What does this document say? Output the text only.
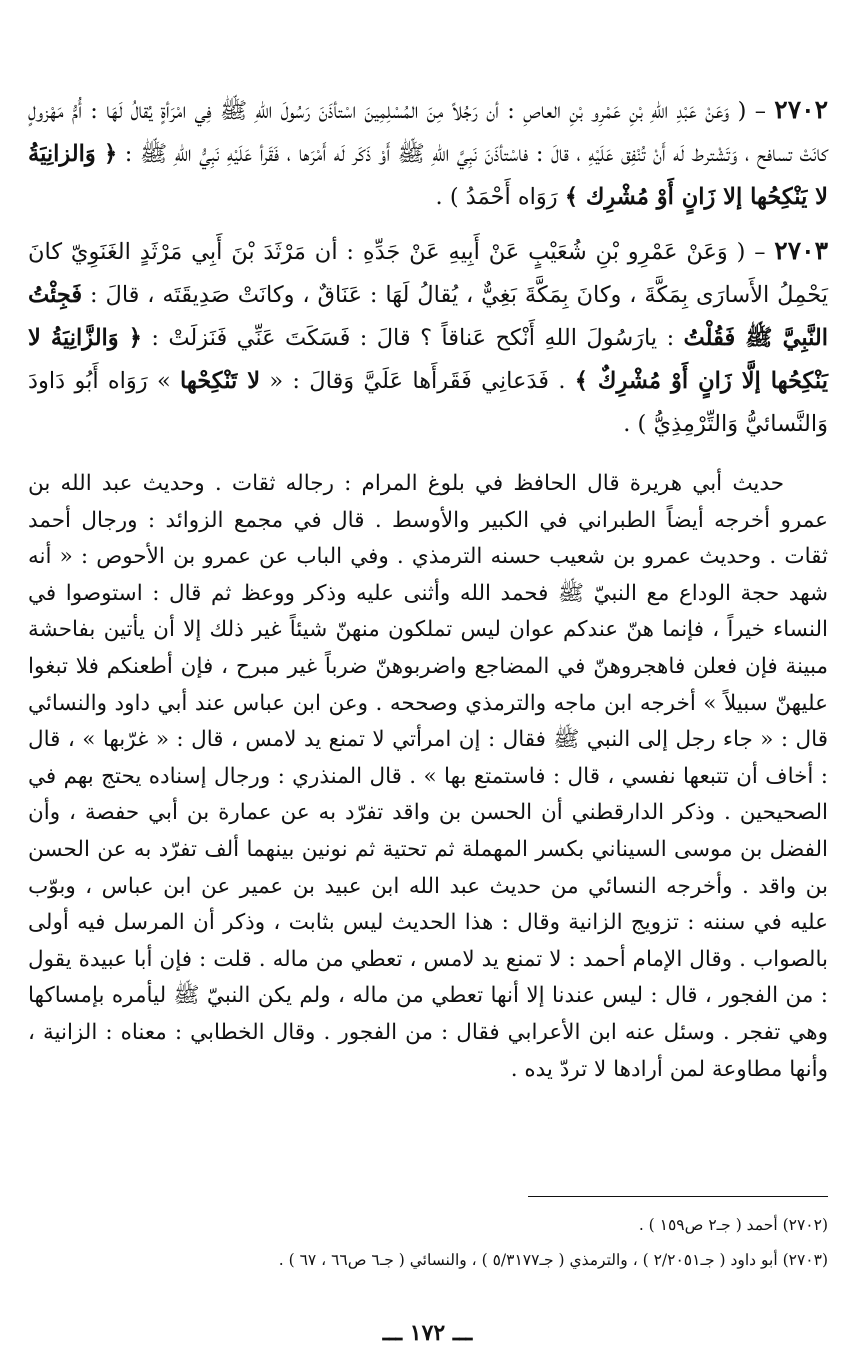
٢٧٠٢ – ( وَعَنْ عَبْدِ اللهِ بْنِ عَمْرِو بْنِ العاصِ : أن رَجُلاً مِنَ المُسْلِمِينَ اسْتأذَنَ رَسُولَ اللهِ ﷺ فِي امْرَأةٍ يُقالُ لَهَا : أُمُّ مَهْزولٍ كانَتْ تسافح ، وَتَشْترط لَه أَنْ تُنْفِق عَلَيْهِ ، قالَ : فاسْتأذَنَ نَبِيَّ اللهِ ﷺ أَوْ ذَكَر لَه أَمْرَها ، فَقَرأ عَلَيْهِ نَبِيُّ اللهِ ﷺ : ﴿ وَالزانِيَةُ لا يَنْكِحُها إلا زَانٍ أَوْ مُشْرِك ﴾ رَوَاه أَحْمَدُ ) .

٢٧٠٣ – ( وَعَنْ عَمْرِو بْنِ شُعَيْبٍ عَنْ أَبِيهِ عَنْ جَدِّهِ : أن مَرْثَدَ بْنَ أَبِي مَرْثَدٍ الغَنَوِيّ كانَ يَحْمِلُ الأَسارَى بِمَكَّةَ ، وكانَ بِمَكَّةَ بَغِيٌّ ، يُقالُ لَهَا : عَنَاقٌ ، وكانَتْ صَدِيقَتَه ، قالَ : فَجِئْتُ النَّبِيَّ ﷺ فَقُلْتُ : يارَسُولَ اللهِ أَنْكح عَناقاً ؟ قالَ : فَسَكَتَ عَنِّي فَنَزلَتْ : ﴿ وَالزَّانِيَةُ لا يَنْكِحُها إلَّا زَانٍ أَوْ مُشْرِكٌ ﴾ . فَدَعانِي فَقَرأَها عَلَيَّ وَقالَ : « لا تَنْكِحْها » رَوَاه أَبُو دَاودَ وَالنَّسائيُّ وَالتِّرْمِذِيُّ ) .

حديث أبي هريرة قال الحافظ في بلوغ المرام : رجاله ثقات . وحديث عبد الله بن عمرو أخرجه أيضاً الطبراني في الكبير والأوسط . قال في مجمع الزوائد : ورجال أحمد ثقات . وحديث عمرو بن شعيب حسنه الترمذي . وفي الباب عن عمرو بن الأحوص : « أنه شهد حجة الوداع مع النبيّ ﷺ فحمد الله وأثنى عليه وذكر ووعظ ثم قال : استوصوا في النساء خيراً ، فإنما هنّ عندكم عوان ليس تملكون منهنّ شيئاً غير ذلك إلا أن يأتين بفاحشة مبينة فإن فعلن فاهجروهنّ في المضاجع واضربوهنّ ضرباً غير مبرح ، فإن أطعنكم فلا تبغوا عليهنّ سبيلاً » أخرجه ابن ماجه والترمذي وصححه . وعن ابن عباس عند أبي داود والنسائي قال : « جاء رجل إلى النبي ﷺ فقال : إن امرأتي لا تمنع يد لامس ، قال : « غرّبها » ، قال : أخاف أن تتبعها نفسي ، قال : فاستمتع بها » . قال المنذري : ورجال إسناده يحتج بهم في الصحيحين . وذكر الدارقطني أن الحسن بن واقد تفرّد به عن عمارة بن أبي حفصة ، وأن الفضل بن موسى السيناني بكسر المهملة ثم تحتية ثم نونين بينهما ألف تفرّد به عن الحسن بن واقد . وأخرجه النسائي من حديث عبد الله ابن عبيد بن عمير عن ابن عباس ، وبوّب عليه في سننه : تزويج الزانية وقال : هذا الحديث ليس بثابت ، وذكر أن المرسل فيه أولى بالصواب . وقال الإمام أحمد : لا تمنع يد لامس ، تعطي من ماله . قلت : فإن أبا عبيدة يقول : من الفجور ، قال : ليس عندنا إلا أنها تعطي من ماله ، ولم يكن النبيّ ﷺ ليأمره بإمساكها وهي تفجر . وسئل عنه ابن الأعرابي فقال : من الفجور . وقال الخطابي : معناه : الزانية ، وأنها مطاوعة لمن أرادها لا تردّ يده .

(٢٧٠٢) أحمد ( جـ٢ ص١٥٩ ) .

(٢٧٠٣) أبو داود ( جـ٢/٢٠٥١ ) ، والترمذي ( جـ٥/٣١٧٧ ) ، والنسائي ( جـ٦ ص٦٦ ، ٦٧ ) .

ـــ ١٧٢ ـــ
